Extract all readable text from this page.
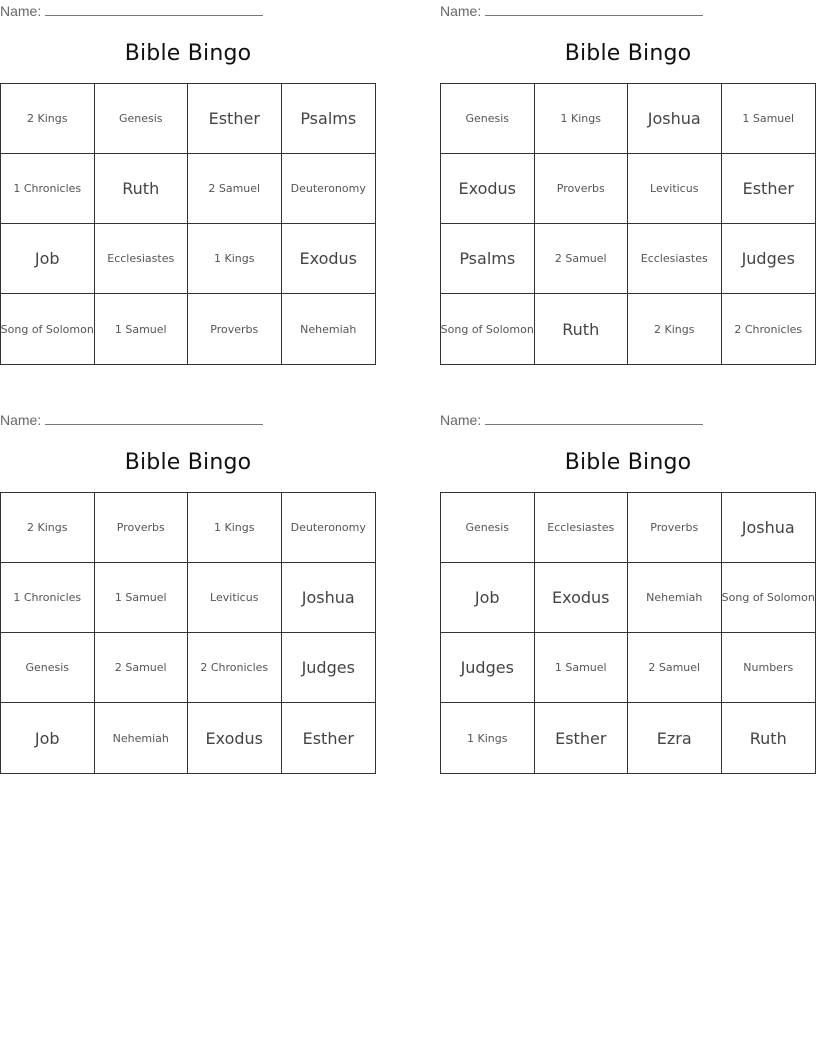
Name:
Bible Bingo
2 Kings	Genesis	Esther	Psalms
1 Chronicles	Ruth	2 Samuel	Deuteronomy
Job	Ecclesiastes	1 Kings	Exodus
Song of Solomon	1 Samuel	Proverbs	Nehemiah
Name:
Bible Bingo
Genesis	1 Kings	Joshua	1 Samuel
Exodus	Proverbs	Leviticus	Esther
Psalms	2 Samuel	Ecclesiastes	Judges
Song of Solomon	Ruth	2 Kings	2 Chronicles
Name:
Bible Bingo
2 Kings	Proverbs	1 Kings	Deuteronomy
1 Chronicles	1 Samuel	Leviticus	Joshua
Genesis	2 Samuel	2 Chronicles	Judges
Job	Nehemiah	Exodus	Esther
Name:
Bible Bingo
Genesis	Ecclesiastes	Proverbs	Joshua
Job	Exodus	Nehemiah	Song of Solomon
Judges	1 Samuel	2 Samuel	Numbers
1 Kings	Esther	Ezra	Ruth
